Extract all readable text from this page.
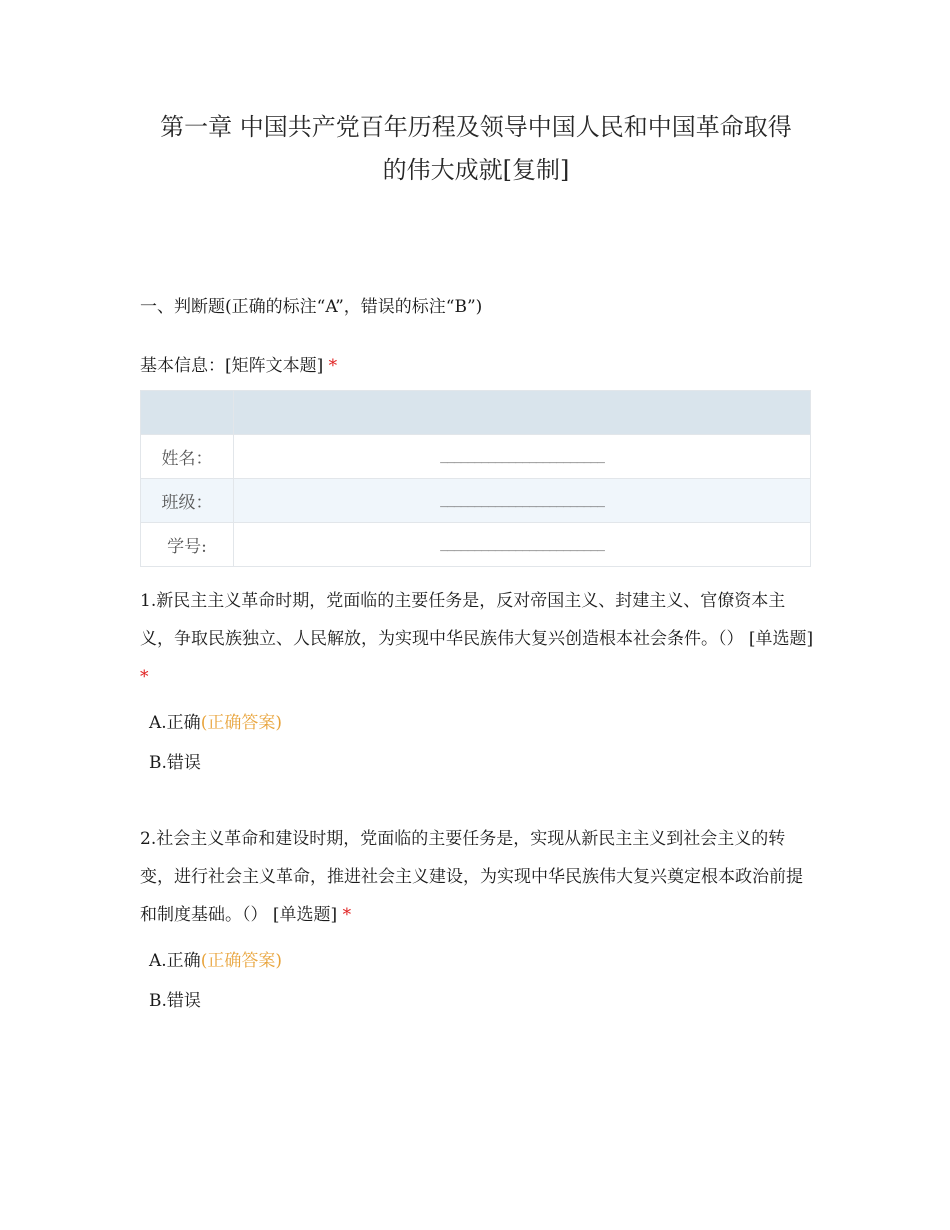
第一章 中国共产党百年历程及领导中国人民和中国革命取得
的伟大成就[复制]
一、判断题(正确的标注“A”，错误的标注“B”)
基本信息：[矩阵文本题] *

姓名：	________________________
班级：	________________________
学号:	________________________
1.新民主主义革命时期，党面临的主要任务是，反对帝国主义、封建主义、官僚资本主义，争取民族独立、人民解放，为实现中华民族伟大复兴创造根本社会条件。（） [单选题] *
A.正确(正确答案)
B.错误
2.社会主义革命和建设时期，党面临的主要任务是，实现从新民主主义到社会主义的转变，进行社会主义革命，推进社会主义建设，为实现中华民族伟大复兴奠定根本政治前提和制度基础。（） [单选题] *
A.正确(正确答案)
B.错误
